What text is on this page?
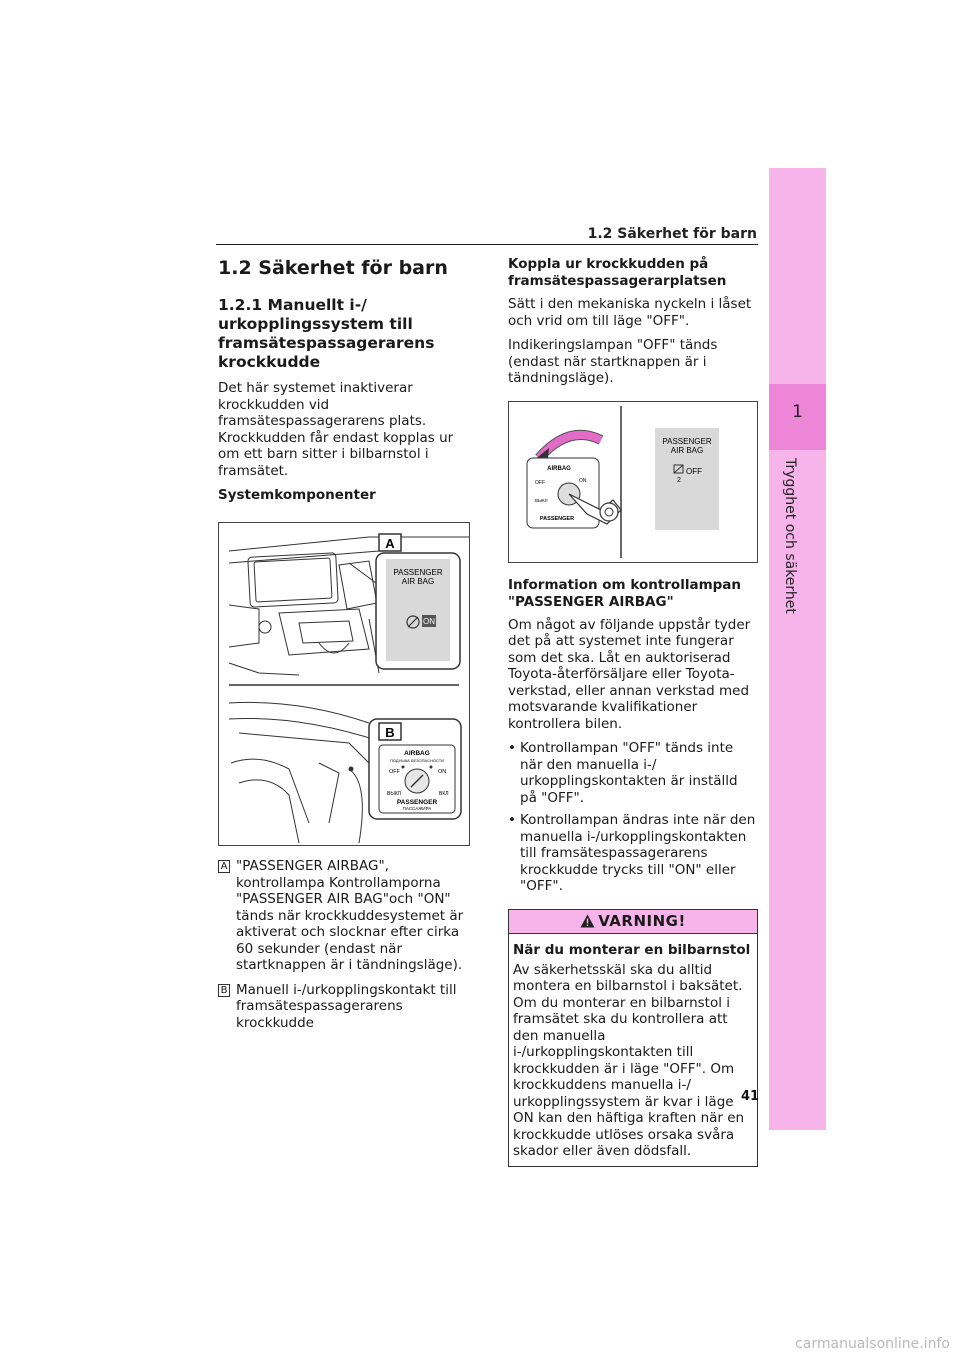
1
Trygghet och säkerhet
1.2 Säkerhet för barn
1.2 Säkerhet för barn
1.2.1 Manuellt i-/ urkopplingssystem till framsätespassagerarens krockkudde

Det här systemet inaktiverar krockkudden vid framsätespassagerarens plats. Krockkudden får endast kopplas ur om ett barn sitter i bilbarnstol i framsätet.

Systemkomponenter
A
PASSENGER
AIR BAG
ON
B
AIRBAG
ПОДУШКА БЕЗОПАСНОСТИ
OFF	ON
ВЫКЛ	ВКЛ
PASSENGER
ПАССАЖИРА
A "PASSENGER AIRBAG", kontrollampa Kontrollamporna "PASSENGER AIR BAG"och "ON" tänds när krockkuddesystemet är aktiverat och slocknar efter cirka 60 sekunder (endast när startknappen är i tändningsläge).
B Manuell i-/urkopplingskontakt till framsätespassagerarens krockkudde
Koppla ur krockkudden på framsätespassagerarplatsen

Sätt i den mekaniska nyckeln i låset och vrid om till läge "OFF".

Indikeringslampan "OFF" tänds (endast när startknappen är i tändningsläge).

AIRBAG
OFF	ON
ВЫКЛ
PASSENGER
PASSENGER
AIR BAG
2
OFF
Information om kontrollampan "PASSENGER AIRBAG"

Om något av följande uppstår tyder det på att systemet inte fungerar som det ska. Låt en auktoriserad Toyota-återförsäljare eller Toyota-verkstad, eller annan verkstad med motsvarande kvalifikationer kontrollera bilen.

• Kontrollampan "OFF" tänds inte när den manuella i-/ urkopplingskontakten är inställd på "OFF".
• Kontrollampan ändras inte när den manuella i-/urkopplingskontakten till framsätespassagerarens krockkudde trycks till "ON" eller "OFF".
VARNING!
När du monterar en bilbarnstol

Av säkerhetsskäl ska du alltid montera en bilbarnstol i baksätet. Om du monterar en bilbarnstol i framsätet ska du kontrollera att den manuella i-/urkopplingskontakten till krockkudden är i läge "OFF". Om krockkuddens manuella i-/ urkopplingssystem är kvar i läge ON kan den häftiga kraften när en krockkudde utlöses orsaka svåra skador eller även dödsfall.

41
carmanualsonline.info
